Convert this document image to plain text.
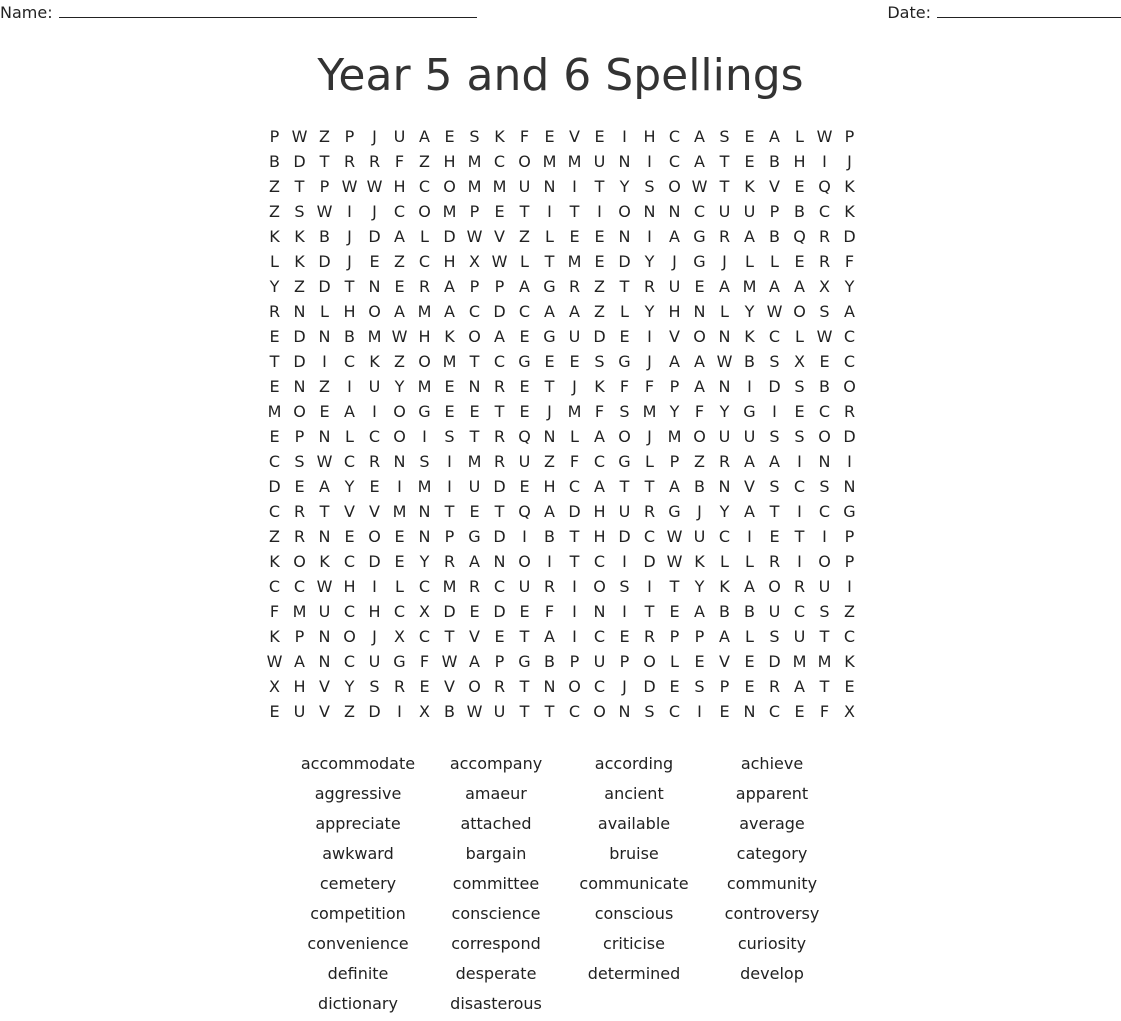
Name:	Date:
Year 5 and 6 Spellings
P W Z P	J	U A E S K F E V E	I	H C A S E A L W P
B D T R R F Z H M C O M M U N	I	C A T E B H	I	J
Z T P W W H C O M M U N	I	T Y S O W T K V E Q K
Z S W I	J	C O M P E T	I	T	I	O N N C U U P B C K
K K B	J	D A L D W V Z L E E N	I	A G R A B Q R D
L K D	J	E Z C H X W L T M E D Y	J	G	J	L	L E R F
Y Z D T N E R A P P A G R Z T R U E A M A A X Y
R N L H O A M A C D C A A Z L Y H N L Y W O S A
E D N B M W H K O A E G U D E	I	V O N K C L W C
T D	I	C K Z O M T C G E E S G	J	A A W B S X E C
E N Z	I	U Y M E N R E T	J	K F F P A N	I	D S B O
M O E A	I	O G E E T E	J M F S M Y F Y G	I	E C R
E P N L C O	I	S T R Q N L A O	J M O U U S S O D
C S W C R N S	I M R U Z F C G L P Z R A A	I	N	I
D E A Y E	I M I	U D E H C A T T A B N V S C S N
C R T V V M N T E T Q A D H U R G	J	Y A T	I	C G
Z R N E O E N P G D	I	B T H D C W U C	I	E T	I	P
K O K C D E Y R A N O	I	T C	I	D W K L	L R	I	O P
C C W H	I	L C M R C U R	I	O S	I	T Y K A O R U	I
F M U C H C X D E D E F	I	N	I	T E A B B U C S Z
K P N O	J	X C T V E T A	I	C E R P P A L S U T C
W A N C U G F W A P G B P U P O L E V E D M M K
X H V Y S R E V O R T N O C	J	D E S P E R A T E
E U V Z D	I	X B W U T T C O N S C	I	E N C E F X
accommodate	accompany	according	achieve
aggressive	amaeur	ancient	apparent
appreciate	attached	available	average
awkward	bargain	bruise	category
cemetery	committee	communicate	community
competition	conscience	conscious	controversy
convenience	correspond	criticise	curiosity
definite	desperate	determined	develop
dictionary	disasterous
